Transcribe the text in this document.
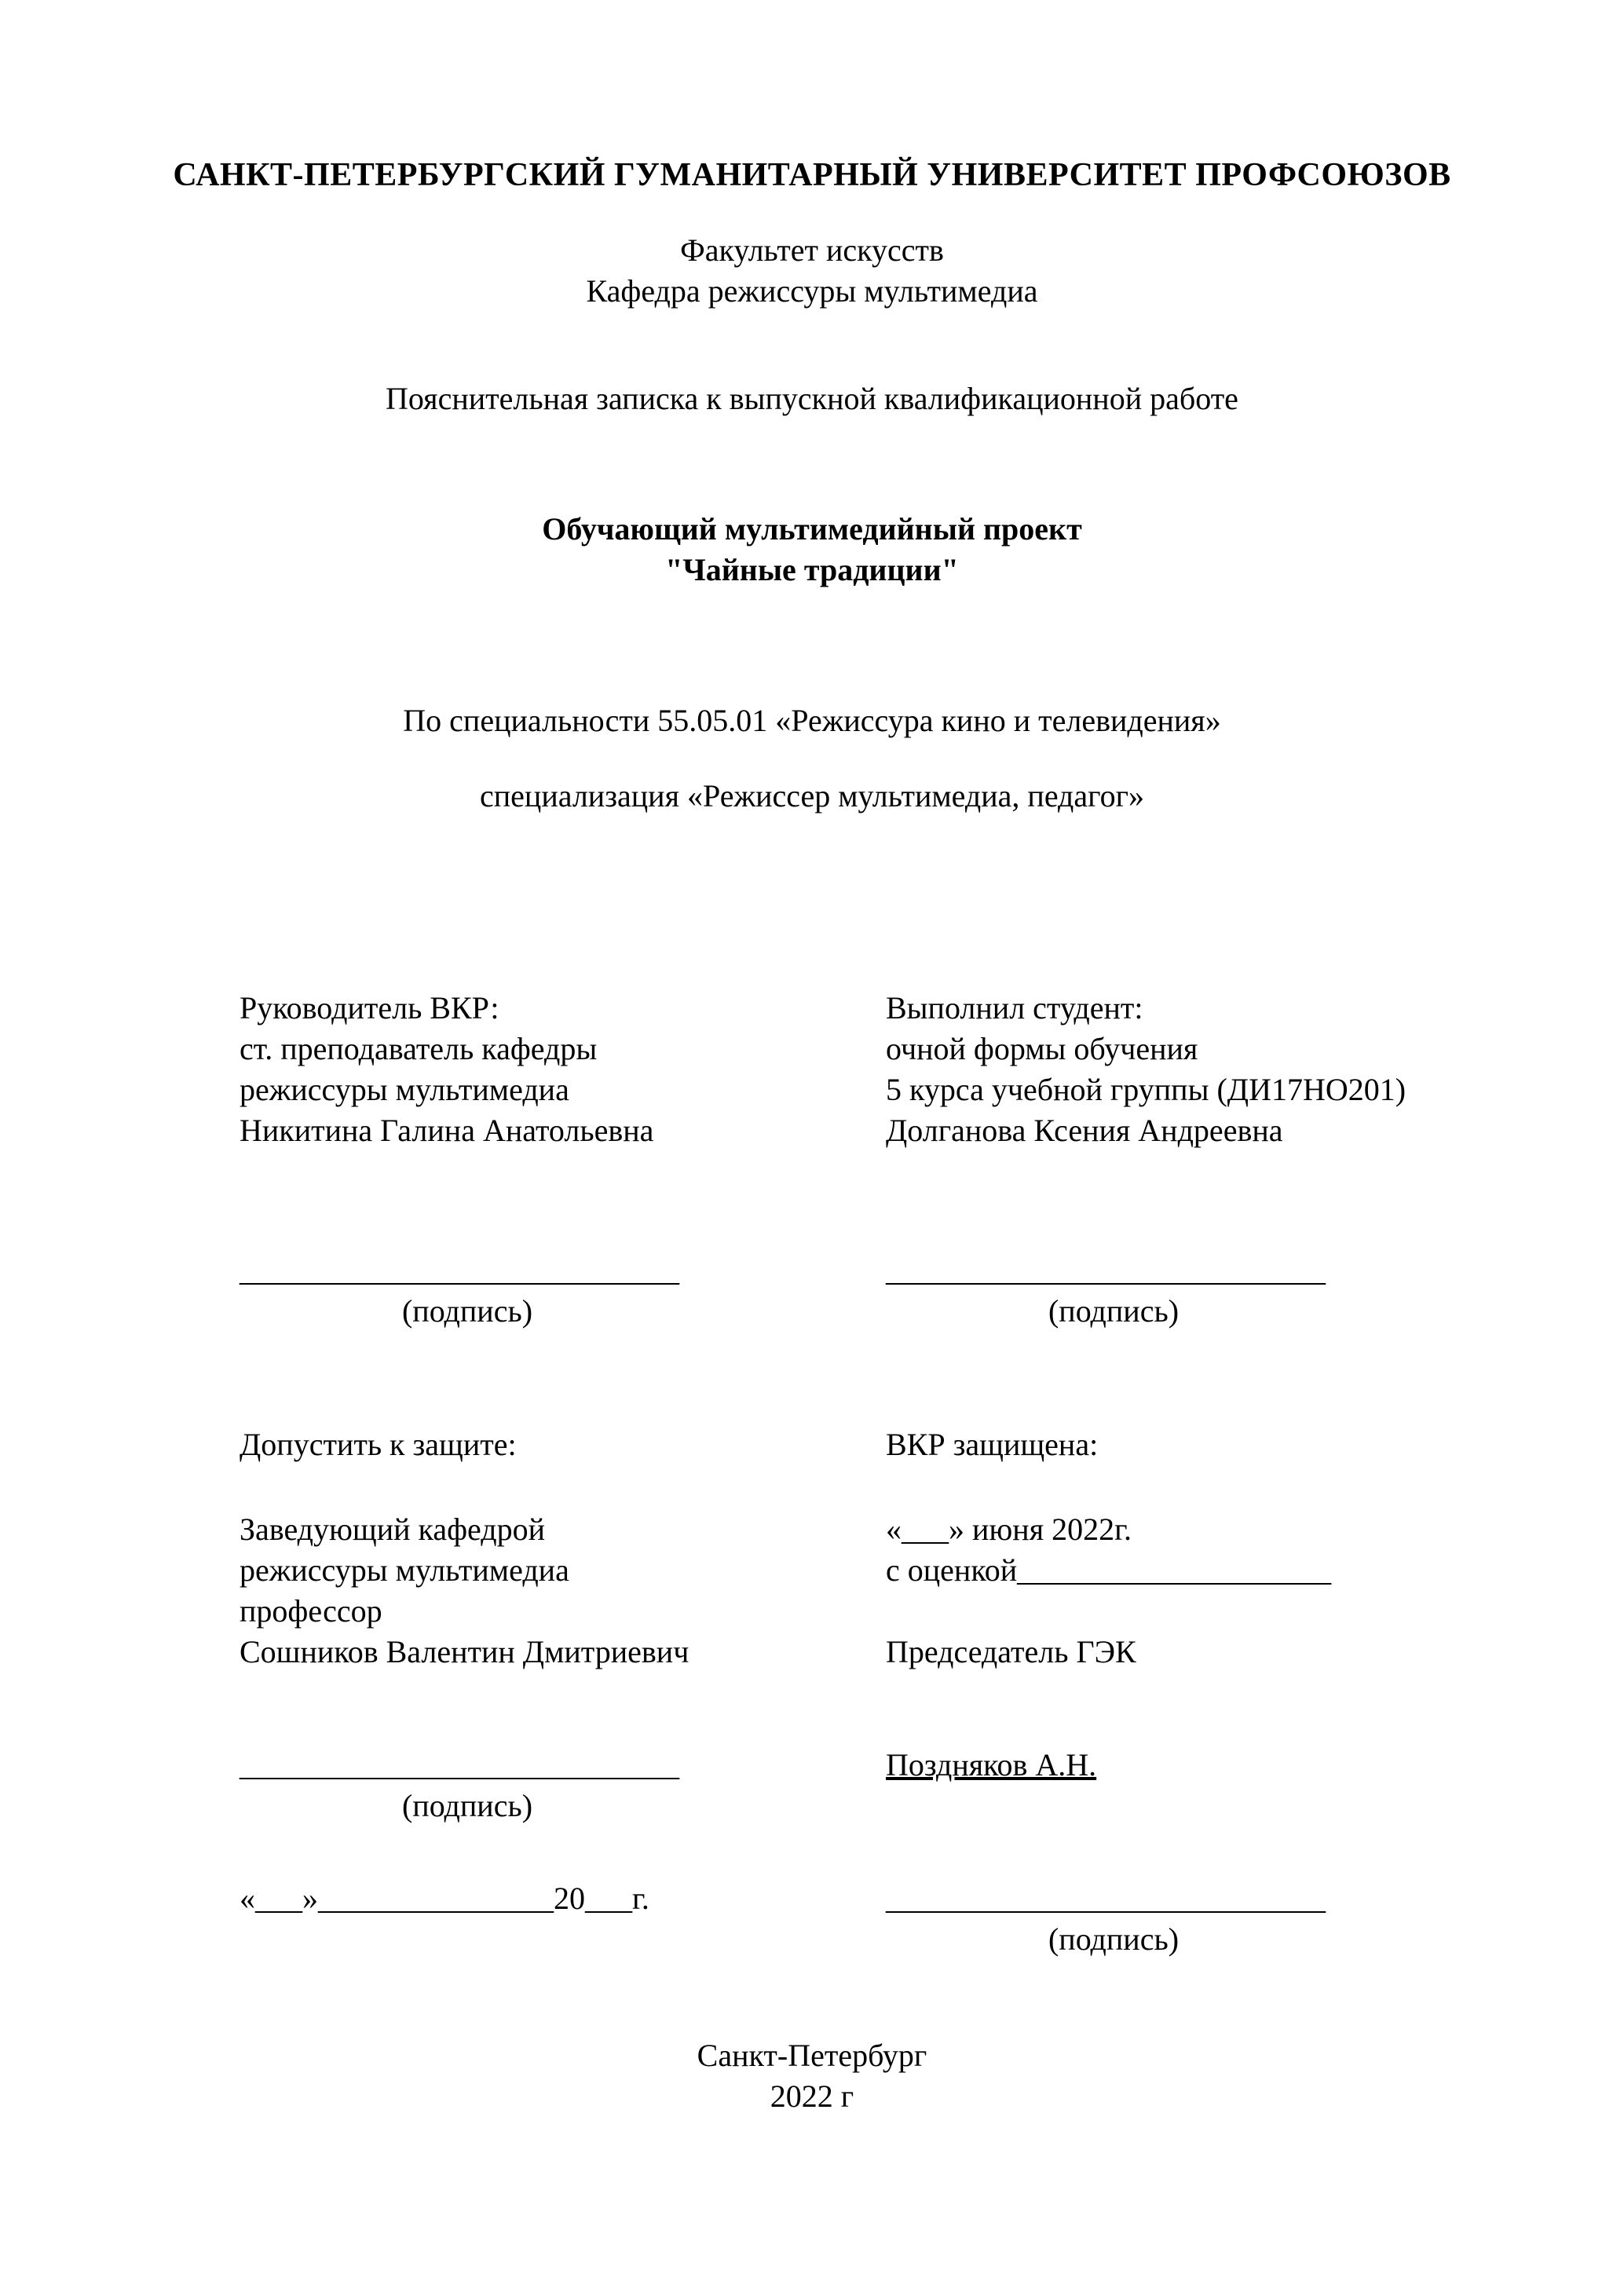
САНКТ-ПЕТЕРБУРГСКИЙ ГУМАНИТАРНЫЙ УНИВЕРСИТЕТ ПРОФСОЮЗОВ
Факультет искусств
Кафедра режиссуры мультимедиа
Пояснительная записка к выпускной квалификационной работе
Обучающий мультимедийный проект
"Чайные традиции"
По специальности 55.05.01 «Режиссура кино и телевидения»
специализация «Режиссер мультимедиа, педагог»
Руководитель ВКР:
ст. преподаватель кафедры
режиссуры мультимедиа
Никитина Галина Анатольевна
Выполнил студент:
очной формы обучения
5 курса учебной группы (ДИ17НО201)
Долганова Ксения Андреевна
____________________________
(подпись)
____________________________
(подпись)
Допустить к защите:	ВКР защищена:
Заведующий кафедрой
режиссуры мультимедиа
профессор
Сошников Валентин Дмитриевич
«___» июня 2022г.
с оценкой____________________
Председатель ГЭК
____________________________
(подпись)
Поздняков А.Н.
«___»_______________20___г.	____________________________
(подпись)
Санкт-Петербург
2022 г
